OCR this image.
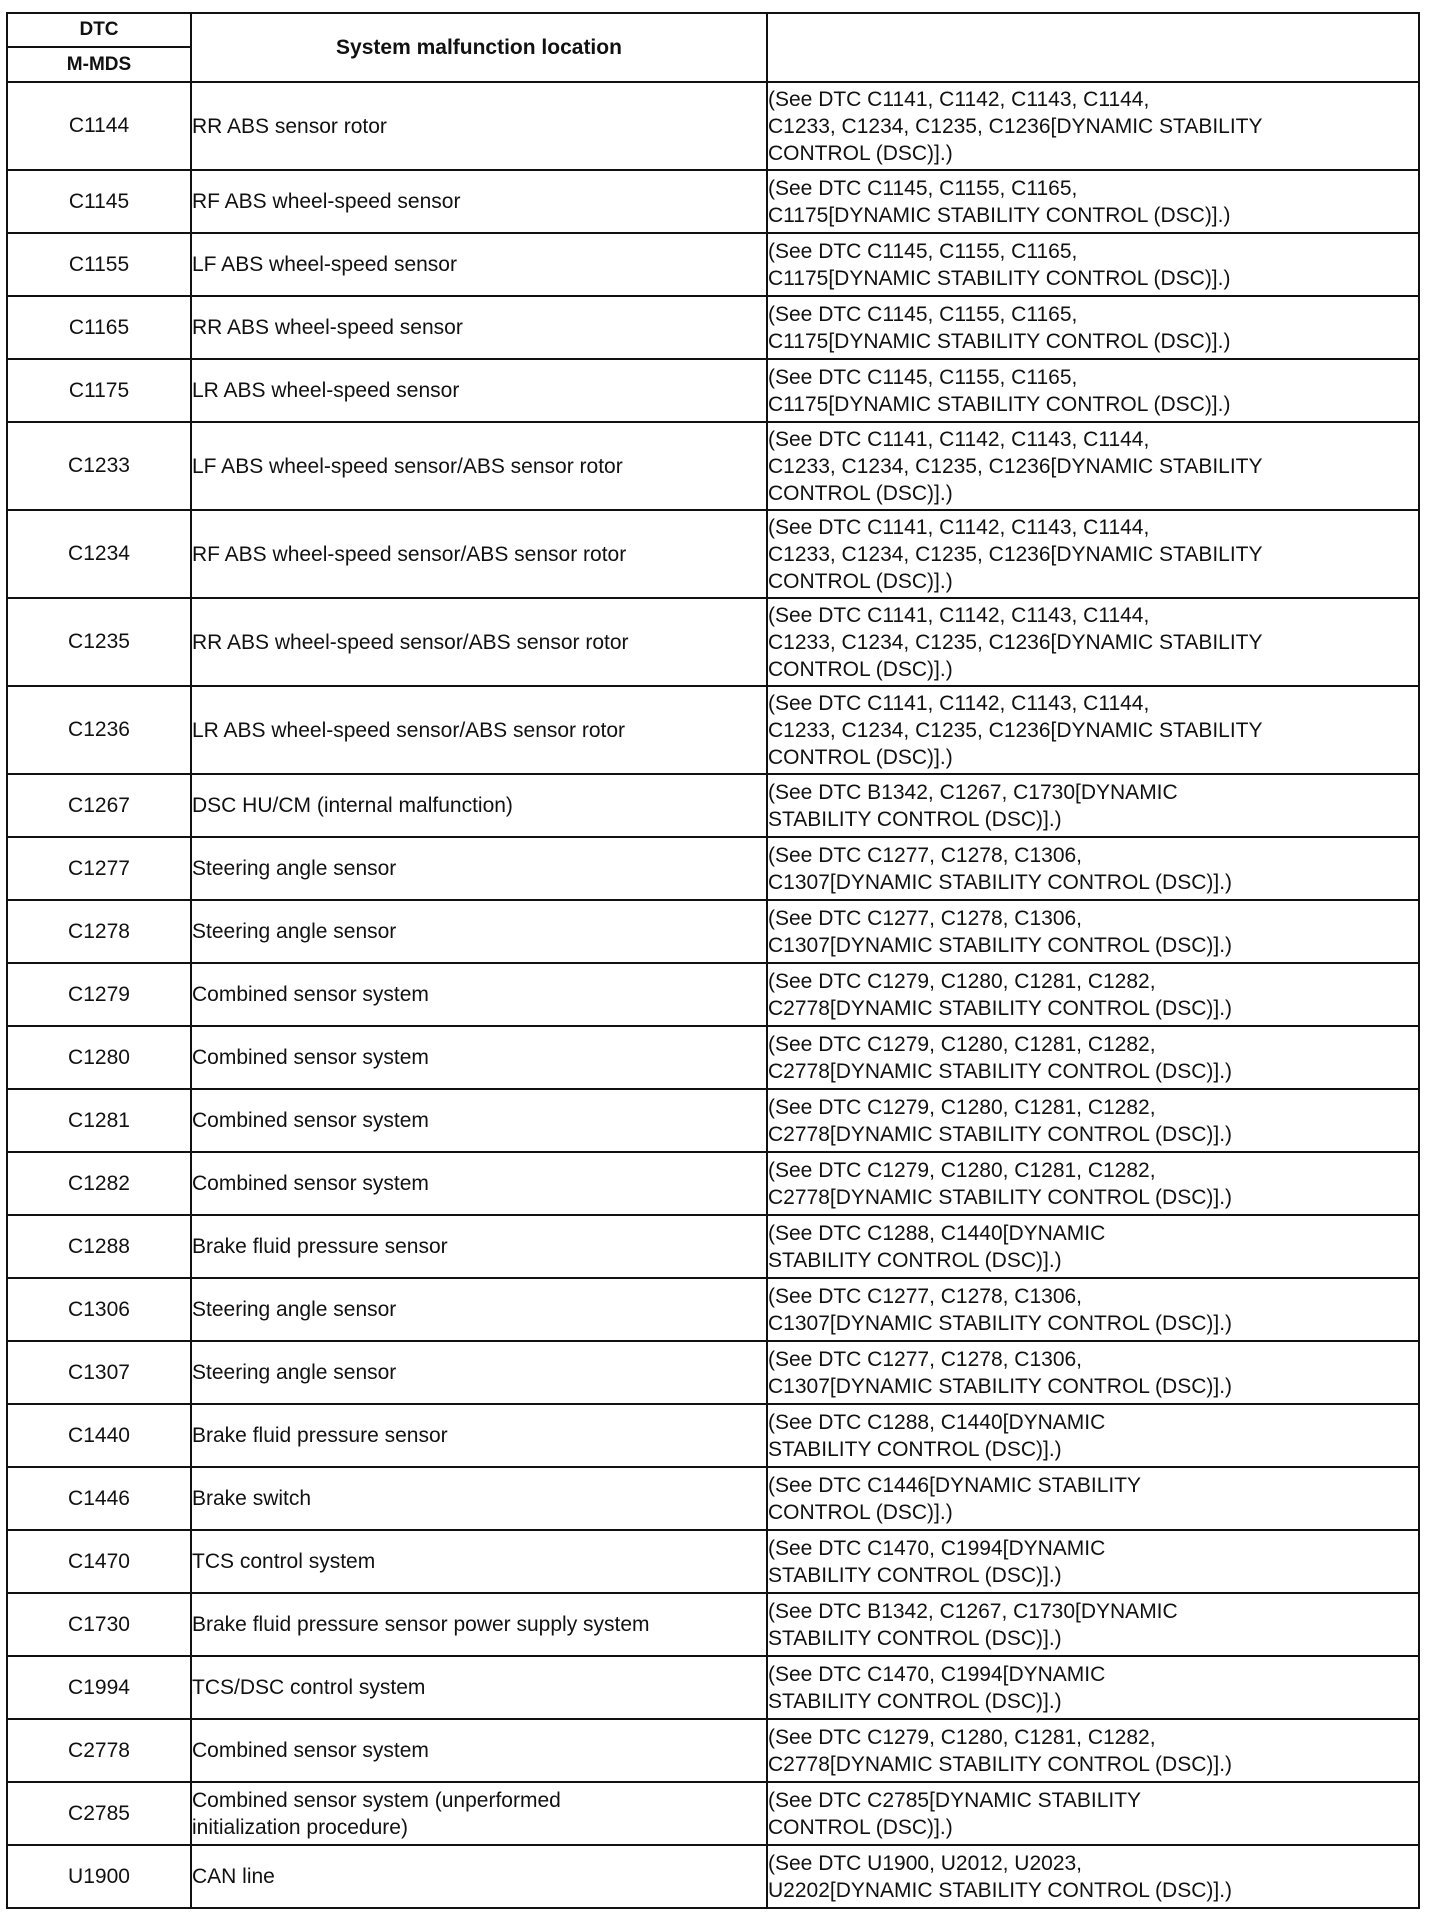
DTC	System malfunction location	
M-MDS		
C1144	RR ABS sensor rotor	(See DTC C1141, C1142, C1143, C1144,
C1233, C1234, C1235, C1236[DYNAMIC STABILITY
CONTROL (DSC)].)

C1145	RF ABS wheel-speed sensor	(See DTC C1145, C1155, C1165,
C1175[DYNAMIC STABILITY CONTROL (DSC)].)

C1155	LF ABS wheel-speed sensor	(See DTC C1145, C1155, C1165,
C1175[DYNAMIC STABILITY CONTROL (DSC)].)

C1165	RR ABS wheel-speed sensor	(See DTC C1145, C1155, C1165,
C1175[DYNAMIC STABILITY CONTROL (DSC)].)

C1175	LR ABS wheel-speed sensor	(See DTC C1145, C1155, C1165,
C1175[DYNAMIC STABILITY CONTROL (DSC)].)

C1233	LF ABS wheel-speed sensor/ABS sensor rotor	(See DTC C1141, C1142, C1143, C1144,
C1233, C1234, C1235, C1236[DYNAMIC STABILITY
CONTROL (DSC)].)

C1234	RF ABS wheel-speed sensor/ABS sensor rotor	(See DTC C1141, C1142, C1143, C1144,
C1233, C1234, C1235, C1236[DYNAMIC STABILITY
CONTROL (DSC)].)

C1235	RR ABS wheel-speed sensor/ABS sensor rotor	(See DTC C1141, C1142, C1143, C1144,
C1233, C1234, C1235, C1236[DYNAMIC STABILITY
CONTROL (DSC)].)

C1236	LR ABS wheel-speed sensor/ABS sensor rotor	(See DTC C1141, C1142, C1143, C1144,
C1233, C1234, C1235, C1236[DYNAMIC STABILITY
CONTROL (DSC)].)

C1267	DSC HU/CM (internal malfunction)	(See DTC B1342, C1267, C1730[DYNAMIC
STABILITY CONTROL (DSC)].)

C1277	Steering angle sensor	(See DTC C1277, C1278, C1306,
C1307[DYNAMIC STABILITY CONTROL (DSC)].)

C1278	Steering angle sensor	(See DTC C1277, C1278, C1306,
C1307[DYNAMIC STABILITY CONTROL (DSC)].)

C1279	Combined sensor system	(See DTC C1279, C1280, C1281, C1282,
C2778[DYNAMIC STABILITY CONTROL (DSC)].)

C1280	Combined sensor system	(See DTC C1279, C1280, C1281, C1282,
C2778[DYNAMIC STABILITY CONTROL (DSC)].)

C1281	Combined sensor system	(See DTC C1279, C1280, C1281, C1282,
C2778[DYNAMIC STABILITY CONTROL (DSC)].)

C1282	Combined sensor system	(See DTC C1279, C1280, C1281, C1282,
C2778[DYNAMIC STABILITY CONTROL (DSC)].)

C1288	Brake fluid pressure sensor	(See DTC C1288, C1440[DYNAMIC
STABILITY CONTROL (DSC)].)

C1306	Steering angle sensor	(See DTC C1277, C1278, C1306,
C1307[DYNAMIC STABILITY CONTROL (DSC)].)

C1307	Steering angle sensor	(See DTC C1277, C1278, C1306,
C1307[DYNAMIC STABILITY CONTROL (DSC)].)

C1440	Brake fluid pressure sensor	(See DTC C1288, C1440[DYNAMIC
STABILITY CONTROL (DSC)].)

C1446	Brake switch	(See DTC C1446[DYNAMIC STABILITY
CONTROL (DSC)].)

C1470	TCS control system	(See DTC C1470, C1994[DYNAMIC
STABILITY CONTROL (DSC)].)

C1730	Brake fluid pressure sensor power supply system	(See DTC B1342, C1267, C1730[DYNAMIC
STABILITY CONTROL (DSC)].)

C1994	TCS/DSC control system	(See DTC C1470, C1994[DYNAMIC
STABILITY CONTROL (DSC)].)

C2778	Combined sensor system	(See DTC C1279, C1280, C1281, C1282,
C2778[DYNAMIC STABILITY CONTROL (DSC)].)

C2785	Combined sensor system (unperformed
initialization procedure)	(See DTC C2785[DYNAMIC STABILITY
CONTROL (DSC)].)

U1900	CAN line	(See DTC U1900, U2012, U2023,
U2202[DYNAMIC STABILITY CONTROL (DSC)].)
